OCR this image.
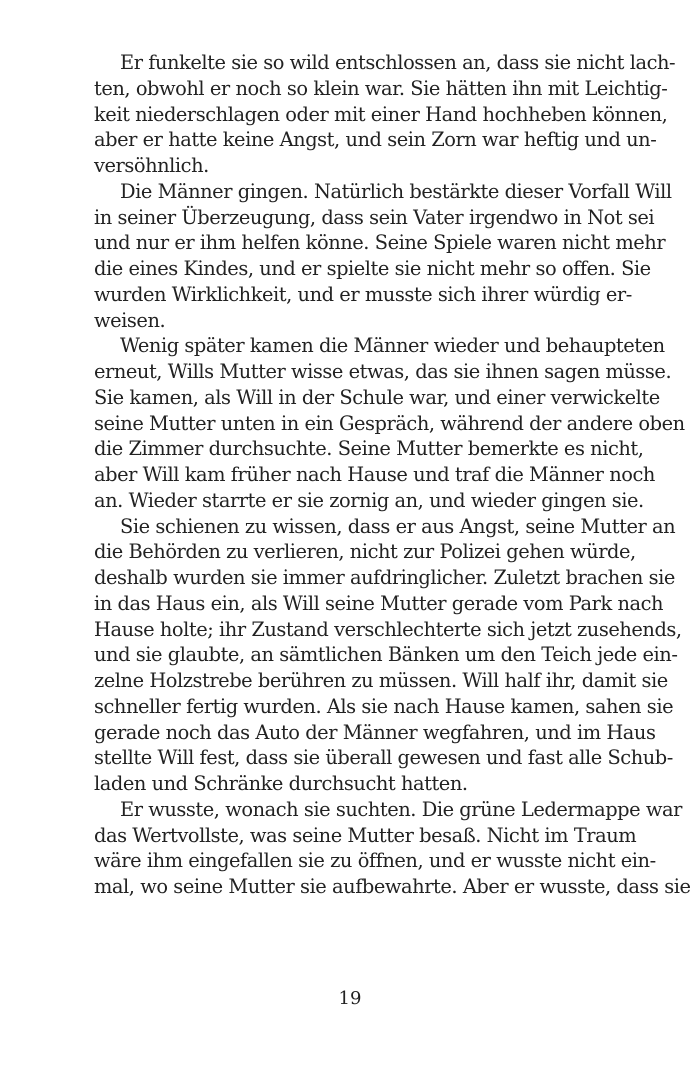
Er funkelte sie so wild entschlossen an, dass sie nicht lach-
ten, obwohl er noch so klein war. Sie hätten ihn mit Leichtig-
keit niederschlagen oder mit einer Hand hochheben können,
aber er hatte keine Angst, und sein Zorn war heftig und un-
versöhnlich.
Die Männer gingen. Natürlich bestärkte dieser Vorfall Will
in seiner Überzeugung, dass sein Vater irgendwo in Not sei
und nur er ihm helfen könne. Seine Spiele waren nicht mehr
die eines Kindes, und er spielte sie nicht mehr so offen. Sie
wurden Wirklichkeit, und er musste sich ihrer würdig er-
weisen.
Wenig später kamen die Männer wieder und behaupteten
erneut, Wills Mutter wisse etwas, das sie ihnen sagen müsse.
Sie kamen, als Will in der Schule war, und einer verwickelte
seine Mutter unten in ein Gespräch, während der andere oben
die Zimmer durchsuchte. Seine Mutter bemerkte es nicht,
aber Will kam früher nach Hause und traf die Männer noch
an. Wieder starrte er sie zornig an, und wieder gingen sie.
Sie schienen zu wissen, dass er aus Angst, seine Mutter an
die Behörden zu verlieren, nicht zur Polizei gehen würde,
deshalb wurden sie immer aufdringlicher. Zuletzt brachen sie
in das Haus ein, als Will seine Mutter gerade vom Park nach
Hause holte; ihr Zustand verschlechterte sich jetzt zusehends,
und sie glaubte, an sämtlichen Bänken um den Teich jede ein-
zelne Holzstrebe berühren zu müssen. Will half ihr, damit sie
schneller fertig wurden. Als sie nach Hause kamen, sahen sie
gerade noch das Auto der Männer wegfahren, und im Haus
stellte Will fest, dass sie überall gewesen und fast alle Schub-
laden und Schränke durchsucht hatten.
Er wusste, wonach sie suchten. Die grüne Ledermappe war
das Wertvollste, was seine Mutter besaß. Nicht im Traum
wäre ihm eingefallen sie zu öffnen, und er wusste nicht ein-
mal, wo seine Mutter sie aufbewahrte. Aber er wusste, dass sie
19
